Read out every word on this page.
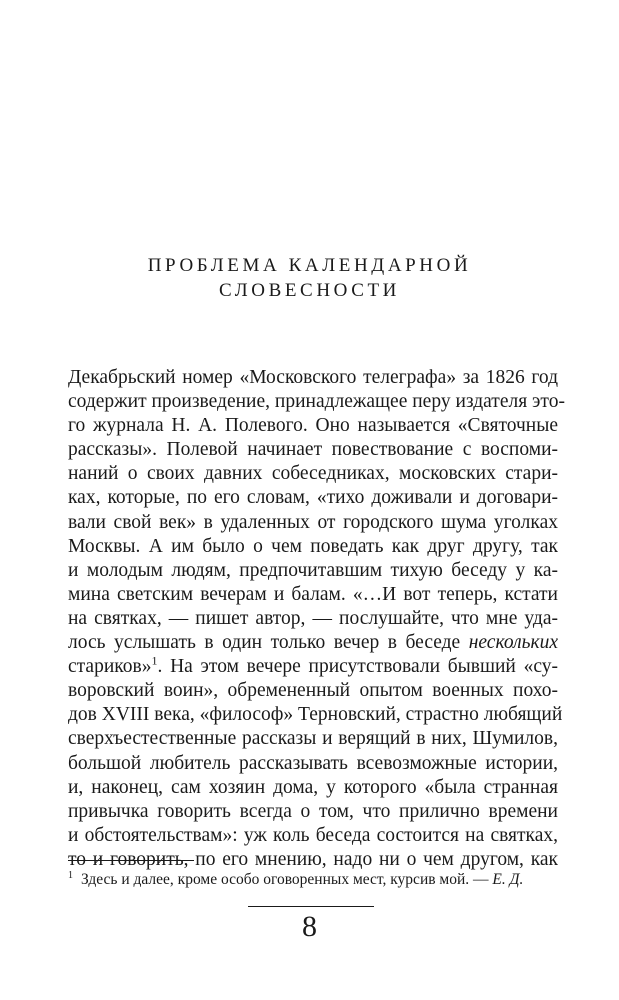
ПРОБЛЕМА КАЛЕНДАРНОЙ
СЛОВЕСНОСТИ
Декабрьский номер «Московского телеграфа» за 1826 год
содержит произведение, принадлежащее перу издателя это-
го журнала Н. А. Полевого. Оно называется «Святочные
рассказы». Полевой начинает повествование с воспоми-
наний о своих давних собеседниках, московских стари-
ках, которые, по его словам, «тихо доживали и договари-
вали свой век» в удаленных от городского шума уголках
Москвы. А им было о чем поведать как друг другу, так
и молодым людям, предпочитавшим тихую беседу у ка-
мина светским вечерам и балам. «…И вот теперь, кстати
на святках, — пишет автор, — послушайте, что мне уда-
лось услышать в один только вечер в беседе нескольких
стариков»$^1$. На этом вечере присутствовали бывший «су-
воровский воин», обремененный опытом военных похо-
дов XVIII века, «философ» Терновский, страстно любящий
сверхъестественные рассказы и верящий в них, Шумилов,
большой любитель рассказывать всевозможные истории,
и, наконец, сам хозяин дома, у которого «была странная
привычка говорить всегда о том, что прилично времени
и обстоятельствам»: уж коль беседа состоится на святках,
то и говорить, по его мнению, надо ни о чем другом, как
$^1$ Здесь и далее, кроме особо оговоренных мест, курсив мой. — Е. Д.
8
